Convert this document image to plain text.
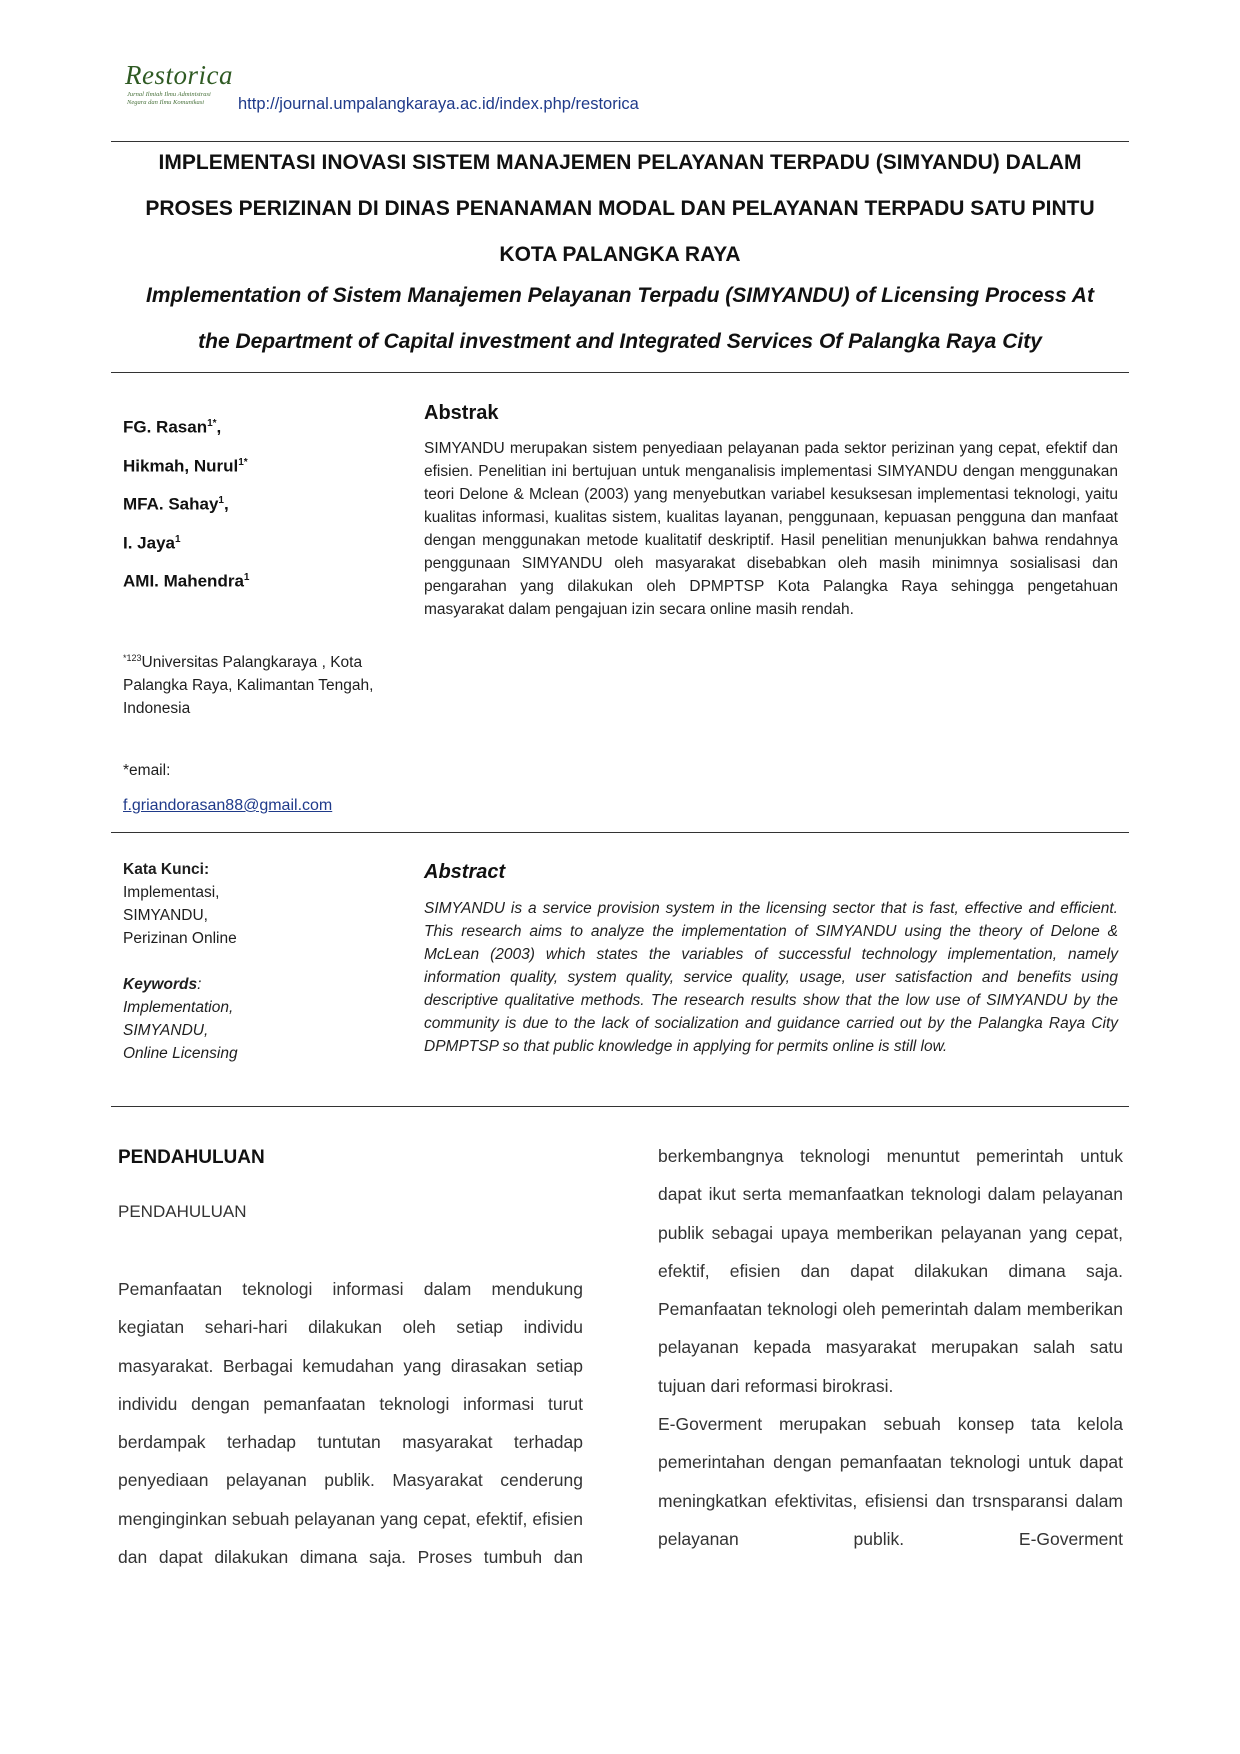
Restorica
Jurnal Ilmiah Ilmu Administrasi
Negara dan Ilmu Komunikasi http://journal.umpalangkaraya.ac.id/index.php/restorica
IMPLEMENTASI INOVASI SISTEM MANAJEMEN PELAYANAN TERPADU (SIMYANDU) DALAM
PROSES PERIZINAN DI DINAS PENANAMAN MODAL DAN PELAYANAN TERPADU SATU PINTU
KOTA PALANGKA RAYA
Implementation of Sistem Manajemen Pelayanan Terpadu (SIMYANDU) of Licensing Process At
the Department of Capital investment and Integrated Services Of Palangka Raya City
FG. Rasan$^{1*}$,
Hikmah, Nurul$^{1*}$
MFA. Sahay$^1$,
I. Jaya$^1$
AMI. Mahendra$^1$
$^{*123}$Universitas Palangkaraya , Kota Palangka Raya, Kalimantan Tengah, Indonesia
*email:
f.griandorasan88@gmail.com
Abstrak
SIMYANDU merupakan sistem penyediaan pelayanan pada sektor perizinan yang cepat, efektif dan efisien. Penelitian ini bertujuan untuk menganalisis implementasi SIMYANDU dengan menggunakan teori Delone & Mclean (2003) yang menyebutkan variabel kesuksesan implementasi teknologi, yaitu kualitas informasi, kualitas sistem, kualitas layanan, penggunaan, kepuasan pengguna dan manfaat dengan menggunakan metode kualitatif deskriptif. Hasil penelitian menunjukkan bahwa rendahnya penggunaan SIMYANDU oleh masyarakat disebabkan oleh masih minimnya sosialisasi dan pengarahan yang dilakukan oleh DPMPTSP Kota Palangka Raya sehingga pengetahuan masyarakat dalam pengajuan izin secara online masih rendah.
Kata Kunci:
Implementasi,
SIMYANDU,
Perizinan Online
Keywords:
Implementation,
SIMYANDU,
Online Licensing
Abstract
SIMYANDU is a service provision system in the licensing sector that is fast, effective and efficient. This research aims to analyze the implementation of SIMYANDU using the theory of Delone & McLean (2003) which states the variables of successful technology implementation, namely information quality, system quality, service quality, usage, user satisfaction and benefits using descriptive qualitative methods. The research results show that the low use of SIMYANDU by the community is due to the lack of socialization and guidance carried out by the Palangka Raya City DPMPTSP so that public knowledge in applying for permits online is still low.
PENDAHULUAN
PENDAHULUAN

Pemanfaatan teknologi informasi dalam mendukung kegiatan sehari-hari dilakukan oleh setiap individu masyarakat. Berbagai kemudahan yang dirasakan setiap individu dengan pemanfaatan teknologi informasi turut berdampak terhadap tuntutan masyarakat terhadap penyediaan pelayanan publik. Masyarakat cenderung menginginkan sebuah pelayanan yang cepat, efektif, efisien dan dapat dilakukan dimana saja. Proses tumbuh dan

berkembangnya teknologi menuntut pemerintah untuk dapat ikut serta memanfaatkan teknologi dalam pelayanan publik sebagai upaya memberikan pelayanan yang cepat, efektif, efisien dan dapat dilakukan dimana saja. Pemanfaatan teknologi oleh pemerintah dalam memberikan pelayanan kepada masyarakat merupakan salah satu tujuan dari reformasi birokrasi.

E-Goverment merupakan sebuah konsep tata kelola pemerintahan dengan pemanfaatan teknologi untuk dapat meningkatkan efektivitas, efisiensi dan trsnsparansi dalam pelayanan publik. E-Goverment
